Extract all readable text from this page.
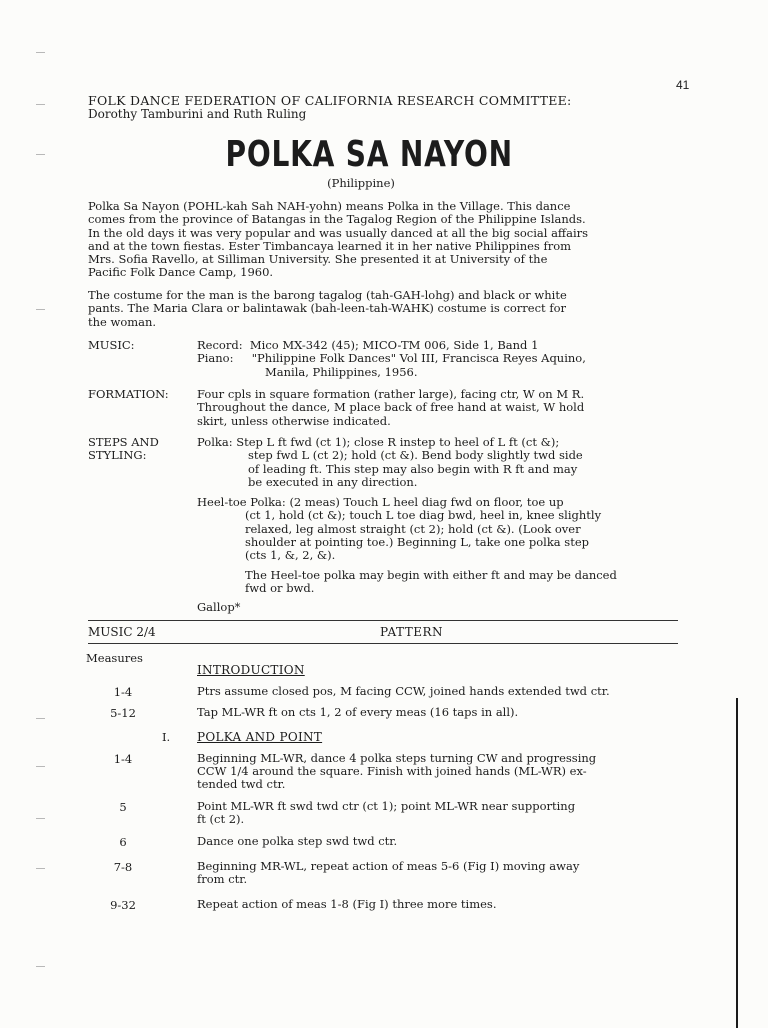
41
FOLK DANCE FEDERATION OF CALIFORNIA RESEARCH COMMITTEE:
Dorothy Tamburini and Ruth Ruling
POLKA SA NAYON
(Philippine)
Polka Sa Nayon (POHL-kah Sah NAH-yohn) means Polka in the Village. This dance
comes from the province of Batangas in the Tagalog Region of the Philippine Islands.
In the old days it was very popular and was usually danced at all the big social affairs
and at the town fiestas. Ester Timbancaya learned it in her native Philippines from
Mrs. Sofia Ravello, at Silliman University. She presented it at University of the
Pacific Folk Dance Camp, 1960.
The costume for the man is the barong tagalog (tah-GAH-lohg) and black or white
pants. The Maria Clara or balintawak (bah-leen-tah-WAHK) costume is correct for
the woman.
MUSIC:	Record: Mico MX-342 (45); MICO-TM 006, Side 1, Band 1
Piano: "Philippine Folk Dances" Vol III, Francisca Reyes Aquino,
Manila, Philippines, 1956.
FORMATION: Four cpls in square formation (rather large), facing ctr, W on M R.
Throughout the dance, M place back of free hand at waist, W hold
skirt, unless otherwise indicated.
STEPS AND
STYLING:
Polka: Step L ft fwd (ct 1); close R instep to heel of L ft (ct &);
step fwd L (ct 2); hold (ct &). Bend body slightly twd side
of leading ft. This step may also begin with R ft and may
be executed in any direction.
Heel-toe Polka: (2 meas) Touch L heel diag fwd on floor, toe up
(ct 1, hold (ct &); touch L toe diag bwd, heel in, knee slightly
relaxed, leg almost straight (ct 2); hold (ct &). (Look over
shoulder at pointing toe.) Beginning L, take one polka step
(cts 1, &, 2, &).
The Heel-toe polka may begin with either ft and may be danced
fwd or bwd.
Gallop*
MUSIC 2/4	PATTERN
Measures
INTRODUCTION
1-4	Ptrs assume closed pos, M facing CCW, joined hands extended twd ctr.
5-12	Tap ML-WR ft on cts 1, 2 of every meas (16 taps in all).
I. POLKA AND POINT
1-4	Beginning ML-WR, dance 4 polka steps turning CW and progressing
CCW 1/4 around the square. Finish with joined hands (ML-WR) ex-
tended twd ctr.
5	Point ML-WR ft swd twd ctr (ct 1); point ML-WR near supporting
ft (ct 2).
6	Dance one polka step swd twd ctr.
7-8	Beginning MR-WL, repeat action of meas 5-6 (Fig I) moving away
from ctr.
9-32	Repeat action of meas 1-8 (Fig I) three more times.
